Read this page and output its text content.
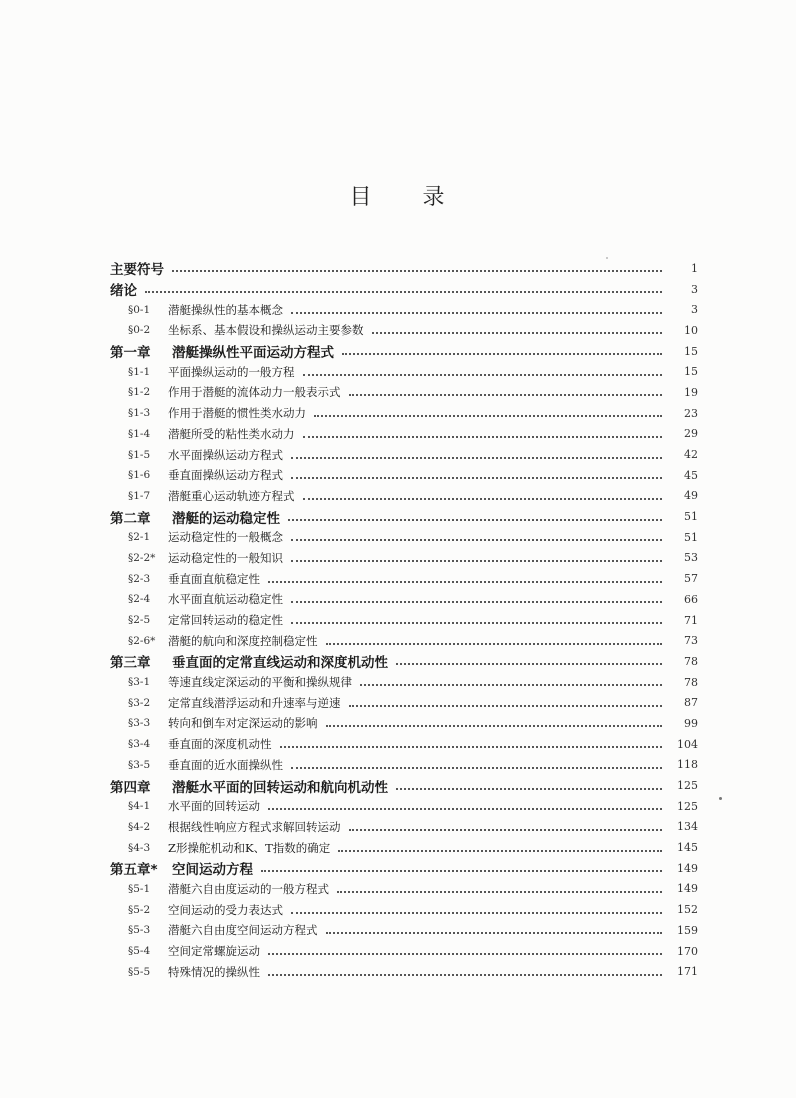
目 录
主要符号	1
绪论	3
§0-1	潜艇操纵性的基本概念	3
§0-2	坐标系、基本假设和操纵运动主要参数	10
第一章	潜艇操纵性平面运动方程式	15
§1-1	平面操纵运动的一般方程	15
§1-2	作用于潜艇的流体动力一般表示式	19
§1-3	作用于潜艇的惯性类水动力	23
§1-4	潜艇所受的粘性类水动力	29
§1-5	水平面操纵运动方程式	42
§1-6	垂直面操纵运动方程式	45
§1-7	潜艇重心运动轨迹方程式	49
第二章	潜艇的运动稳定性	51
§2-1	运动稳定性的一般概念	51
§2-2*	运动稳定性的一般知识	53
§2-3	垂直面直航稳定性	57
§2-4	水平面直航运动稳定性	66
§2-5	定常回转运动的稳定性	71
§2-6*	潜艇的航向和深度控制稳定性	73
第三章	垂直面的定常直线运动和深度机动性	78
§3-1	等速直线定深运动的平衡和操纵规律	78
§3-2	定常直线潜浮运动和升速率与逆速	87
§3-3	转向和倒车对定深运动的影响	99
§3-4	垂直面的深度机动性	104
§3-5	垂直面的近水面操纵性	118
第四章	潜艇水平面的回转运动和航向机动性	125
§4-1	水平面的回转运动	125
§4-2	根据线性响应方程式求解回转运动	134
§4-3	Z形操舵机动和K、T指数的确定	145
第五章*	空间运动方程	149
§5-1	潜艇六自由度运动的一般方程式	149
§5-2	空间运动的受力表达式	152
§5-3	潜艇六自由度空间运动方程式	159
§5-4	空间定常螺旋运动	170
§5-5	特殊情况的操纵性	171
